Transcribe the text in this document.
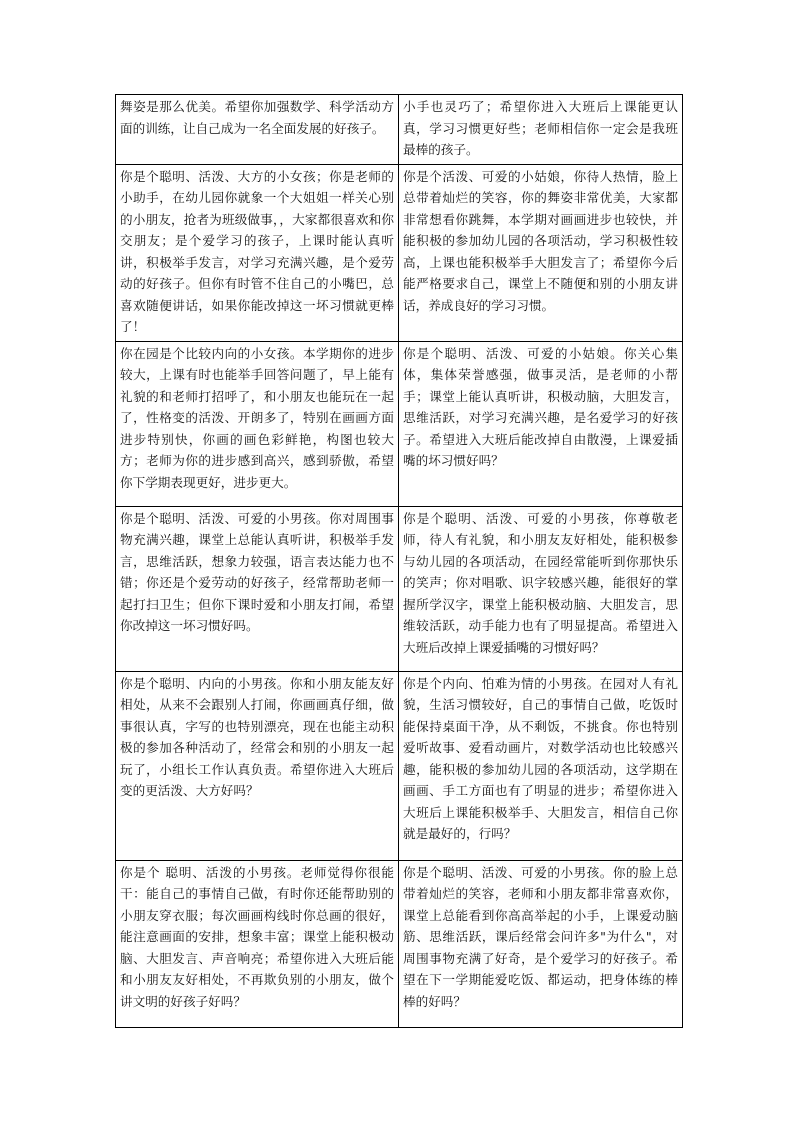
舞姿是那么优美。希望你加强数学、科学活动方面的训练，让自己成为一名全面发展的好孩子。	小手也灵巧了；希望你进入大班后上课能更认真，学习习惯更好些；老师相信你一定会是我班最棒的孩子。
你是个聪明、活泼、大方的小女孩；你是老师的小助手，在幼儿园你就象一个大姐姐一样关心别的小朋友，抢者为班级做事，，大家都很喜欢和你交朋友；是个爱学习的孩子，上课时能认真听讲，积极举手发言，对学习充满兴趣，是个爱劳动的好孩子。但你有时管不住自己的小嘴巴，总喜欢随便讲话，如果你能改掉这一坏习惯就更棒了！	你是个活泼、可爱的小姑娘，你待人热情，脸上总带着灿烂的笑容，你的舞姿非常优美，大家都非常想看你跳舞，本学期对画画进步也较快，并能积极的参加幼儿园的各项活动，学习积极性较高，上课也能积极举手大胆发言了；希望你今后能严格要求自己，课堂上不随便和别的小朋友讲话，养成良好的学习习惯。
你在园是个比较内向的小女孩。本学期你的进步较大，上课有时也能举手回答问题了，早上能有礼貌的和老师打招呼了，和小朋友也能玩在一起了，性格变的活泼、开朗多了，特别在画画方面进步特别快，你画的画色彩鲜艳，构图也较大方；老师为你的进步感到高兴，感到骄傲，希望你下学期表现更好，进步更大。	你是个聪明、活泼、可爱的小姑娘。你关心集体，集体荣誉感强，做事灵活，是老师的小帮手；课堂上能认真听讲，积极动脑，大胆发言，思维活跃，对学习充满兴趣，是名爱学习的好孩子。希望进入大班后能改掉自由散漫，上课爱插嘴的坏习惯好吗？
你是个聪明、活泼、可爱的小男孩。你对周围事物充满兴趣，课堂上总能认真听讲，积极举手发言，思维活跃，想象力较强，语言表达能力也不错；你还是个爱劳动的好孩子，经常帮助老师一起打扫卫生；但你下课时爱和小朋友打闹，希望你改掉这一坏习惯好吗。	你是个聪明、活泼、可爱的小男孩，你尊敬老师，待人有礼貌，和小朋友友好相处，能积极参与幼儿园的各项活动，在园经常能听到你那快乐的笑声；你对唱歌、识字较感兴趣，能很好的掌握所学汉字，课堂上能积极动脑、大胆发言，思维较活跃，动手能力也有了明显提高。希望进入大班后改掉上课爱插嘴的习惯好吗？
你是个聪明、内向的小男孩。你和小朋友能友好相处，从来不会跟别人打闹，你画画真仔细，做事很认真，字写的也特别漂亮，现在也能主动积极的参加各种活动了，经常会和别的小朋友一起玩了，小组长工作认真负责。希望你进入大班后变的更活泼、大方好吗？	你是个内向、怕难为情的小男孩。在园对人有礼貌，生活习惯较好，自己的事情自己做，吃饭时能保持桌面干净，从不剩饭，不挑食。你也特别爱听故事、爱看动画片，对数学活动也比较感兴趣，能积极的参加幼儿园的各项活动，这学期在画画、手工方面也有了明显的进步；希望你进入大班后上课能积极举手、大胆发言，相信自己你就是最好的，行吗？
你是个 聪明、活泼的小男孩。老师觉得你很能干：能自己的事情自己做，有时你还能帮助别的小朋友穿衣服；每次画画构线时你总画的很好，能注意画面的安排，想象丰富；课堂上能积极动脑、大胆发言、声音响亮；希望你进入大班后能和小朋友友好相处，不再欺负别的小朋友，做个讲文明的好孩子好吗？	你是个聪明、活泼、可爱的小男孩。你的脸上总带着灿烂的笑容，老师和小朋友都非常喜欢你，课堂上总能看到你高高举起的小手，上课爱动脑筋、思维活跃，课后经常会问许多"为什么"，对周围事物充满了好奇，是个爱学习的好孩子。希望在下一学期能爱吃饭、都运动，把身体练的棒棒的好吗？
